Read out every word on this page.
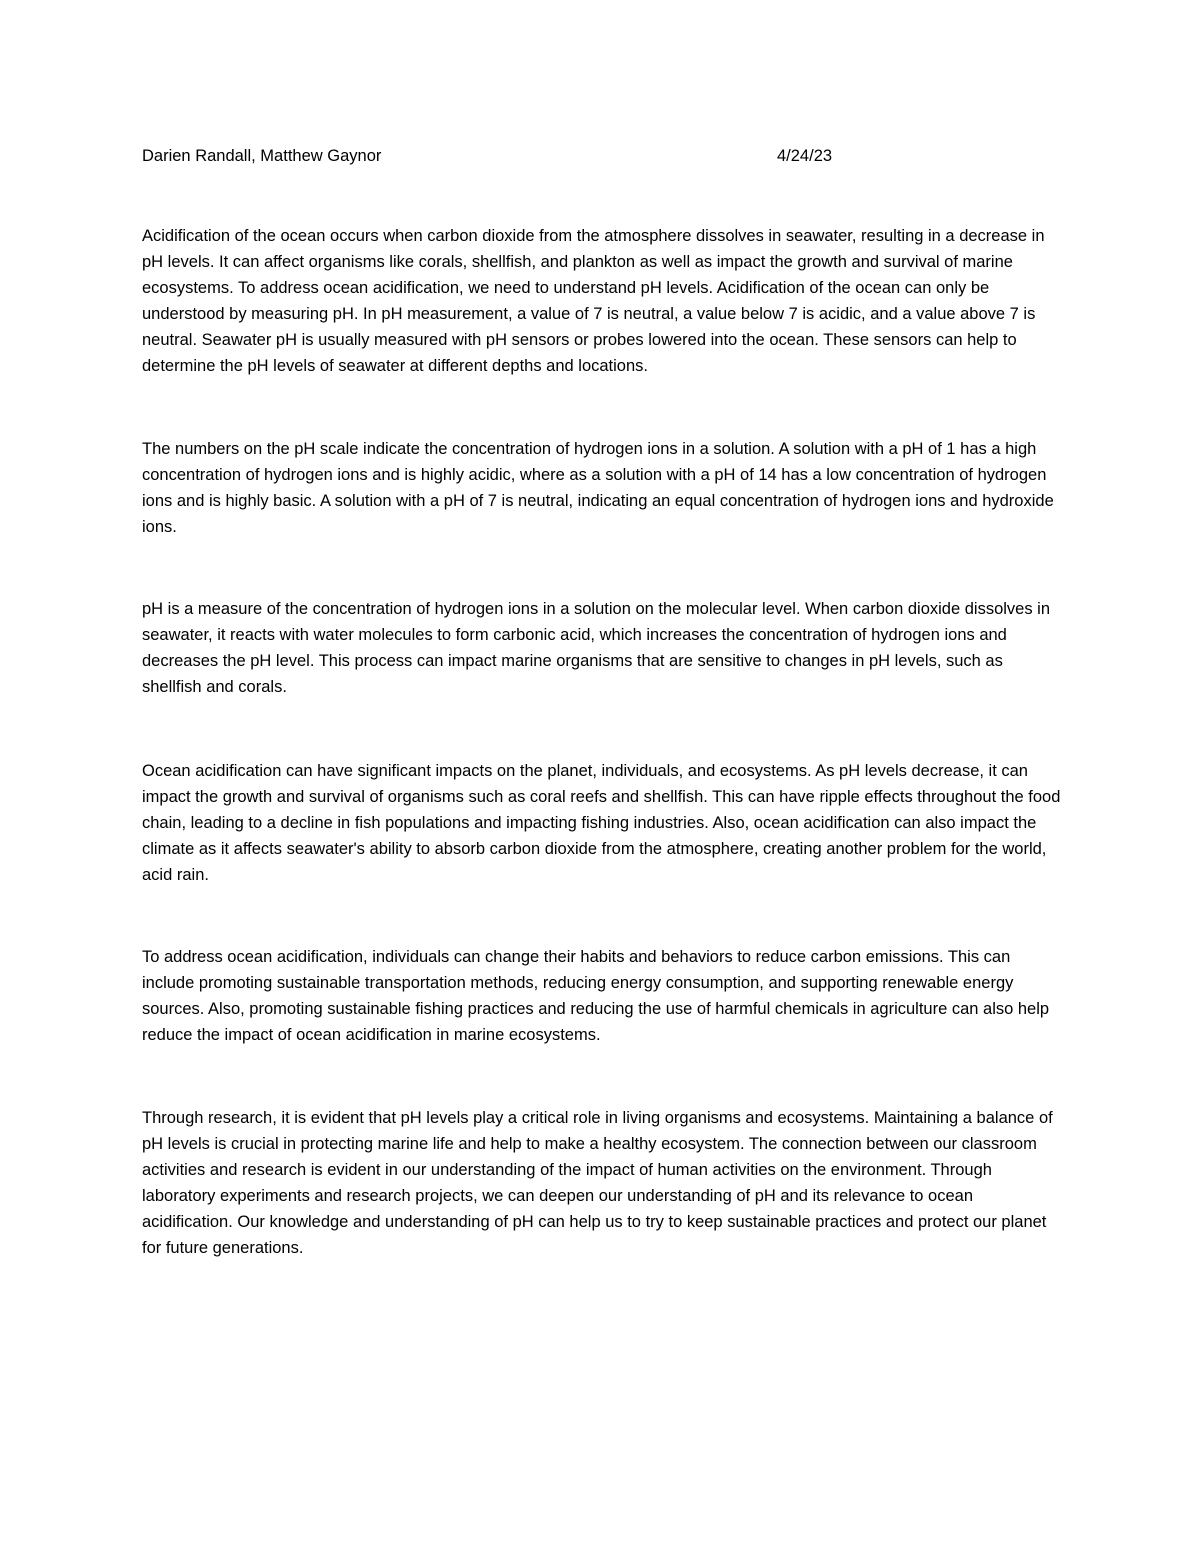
Darien Randall, Matthew Gaynor	4/24/23

Acidification of the ocean occurs when carbon dioxide from the atmosphere dissolves in seawater, resulting in a decrease in pH levels. It can affect organisms like corals, shellfish, and plankton as well as impact the growth and survival of marine ecosystems. To address ocean acidification, we need to understand pH levels. Acidification of the ocean can only be understood by measuring pH. In pH measurement, a value of 7 is neutral, a value below 7 is acidic, and a value above 7 is neutral. Seawater pH is usually measured with pH sensors or probes lowered into the ocean. These sensors can help to determine the pH levels of seawater at different depths and locations.

The numbers on the pH scale indicate the concentration of hydrogen ions in a solution. A solution with a pH of 1 has a high concentration of hydrogen ions and is highly acidic, where as a solution with a pH of 14 has a low concentration of hydrogen ions and is highly basic. A solution with a pH of 7 is neutral, indicating an equal concentration of hydrogen ions and hydroxide ions.

pH is a measure of the concentration of hydrogen ions in a solution on the molecular level. When carbon dioxide dissolves in seawater, it reacts with water molecules to form carbonic acid, which increases the concentration of hydrogen ions and decreases the pH level. This process can impact marine organisms that are sensitive to changes in pH levels, such as shellfish and corals.

Ocean acidification can have significant impacts on the planet, individuals, and ecosystems. As pH levels decrease, it can impact the growth and survival of organisms such as coral reefs and shellfish. This can have ripple effects throughout the food chain, leading to a decline in fish populations and impacting fishing industries. Also, ocean acidification can also impact the climate as it affects seawater's ability to absorb carbon dioxide from the atmosphere, creating another problem for the world, acid rain.

To address ocean acidification, individuals can change their habits and behaviors to reduce carbon emissions. This can include promoting sustainable transportation methods, reducing energy consumption, and supporting renewable energy sources. Also, promoting sustainable fishing practices and reducing the use of harmful chemicals in agriculture can also help reduce the impact of ocean acidification in marine ecosystems.

Through research, it is evident that pH levels play a critical role in living organisms and ecosystems. Maintaining a balance of pH levels is crucial in protecting marine life and help to make a healthy ecosystem. The connection between our classroom activities and research is evident in our understanding of the impact of human activities on the environment. Through laboratory experiments and research projects, we can deepen our understanding of pH and its relevance to ocean acidification. Our knowledge and understanding of pH can help us to try to keep sustainable practices and protect our planet for future generations.
